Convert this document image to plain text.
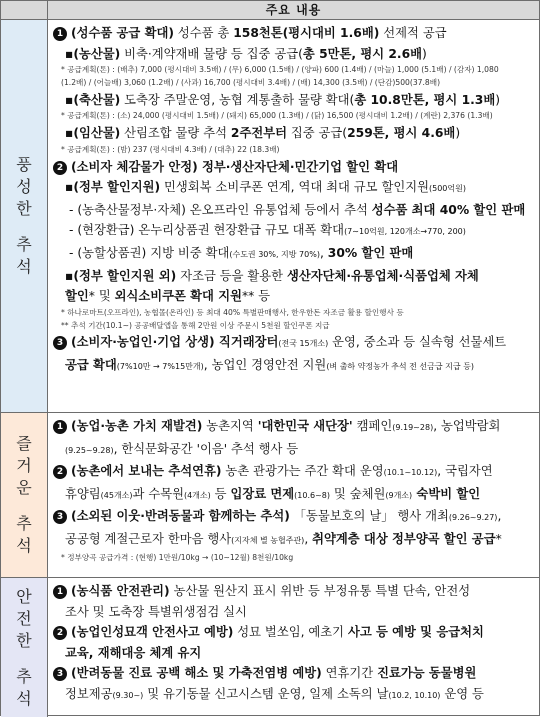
주요 내용
풍
성
한
추
석
1 (성수품 공급 확대) 성수품 총 158천톤(평시대비 1.6배) 선제적 공급
▪(농산물) 비축·계약재배 물량 등 집중 공급(총 5만톤, 평시 2.6배)
* 공급계획(톤) : (배추) 7,000 (평시대비 3.5배) / (무) 6,000 (1.5배) / (양파) 600 (1.4배) / (마늘) 1,000 (5.1배) / (감자) 1,080
(1.2배) / (어늘배) 3,060 (1.2배) / (사과) 16,700 (평시대비 3.4배) / (배) 14,300 (3.5배) / (단감)500(37.8배)
▪(축산물) 도축장 주말운영, 농협 계통출하 물량 확대(총 10.8만톤, 평시 1.3배)
* 공급계획(톤) : (소) 24,000 (평시대비 1.5배) / (돼지) 65,000 (1.3배) / (닭) 16,500 (평시대비 1.2배) / (계란) 2,376 (1.3배)
▪(임산물) 산림조합 물량 추석 2주전부터 집중 공급(259톤, 평시 4.6배)
* 공급계획(톤) : (밤) 237 (평시대비 4.3배) / (대추) 22 (18.3배)
2 (소비자 체감물가 안정) 정부·생산자단체·민간기업 할인 확대
▪(정부 할인지원) 민생회복 소비쿠폰 연계, 역대 최대 규모 할인지원(500억원)
- (농축산물정부·자체) 온오프라인 유통업체 등에서 추석 성수품 최대 40% 할인 판매
- (현장환급) 온누리상품권 현장환급 규모 대폭 확대(7∼10억원, 120개소→770, 200)
- (농할상품권) 지방 비중 확대(수도권 30%, 지방 70%), 30% 할인 판매
▪(정부 할인지원 외) 자조금 등을 활용한 생산자단체·유통업체·식품업체 자체
할인* 및 외식소비쿠폰 확대 지원** 등
* 하나로마트(오프라인), 농협몰(온라인) 등 최대 40% 특별판매행사, 한우한돈 자조금 활용 할인행사 등
** 추석 기간(10.1~) 공공배달앱을 통해 2만원 이상 주문시 5천원 할인쿠폰 지급
3 (소비자·농업인·기업 상생) 직거래장터(전국 15개소) 운영, 중소과 등 실속형 선물세트
공급 확대(7%10만 → 7%15만개), 농업인 경영안전 지원(벼 출하 약정농가 추석 전 선금급 지급 등)
즐
거
운
추
석
1 (농업·농촌 가치 재발견) 농촌지역 '대한민국 새단장' 캠페인(9.19~28), 농업박람회
(9.25~9.28), 한식문화공간 '이음' 추석 행사 등
2 (농촌에서 보내는 추석연휴) 농촌 관광가는 주간 확대 운영(10.1~10.12), 국립자연
휴양림(45개소)과 수목원(4개소) 등 입장료 면제(10.6~8) 및 숲체원(9개소) 숙박비 할인
3 (소외된 이웃·반려동물과 함께하는 추석) 「동물보호의 날」 행사 개최(9.26~9.27),
공공형 계절근로자 한마음 행사(지자체 별 농협주관), 취약계층 대상 정부양곡 할인 공급*
* 정부양곡 공급가격 : (현행) 1만원/10kg → (10~12월) 8천원/10kg
안
전
한
추
석
1 (농식품 안전관리) 농산물 원산지 표시 위반 등 부정유통 특별 단속, 안전성
조사 및 도축장 특별위생점검 실시
2 (농업인성묘객 안전사고 예방) 성묘 벌쏘임, 예초기 사고 등 예방 및 응급처치
교육, 재해대응 체계 유지
3 (반려동물 진료 공백 해소 및 가축전염병 예방) 연휴기간 진료가능 동물병원
정보제공(9.30~) 및 유기동물 신고시스템 운영, 일제 소독의 날(10.2, 10.10) 운영 등
